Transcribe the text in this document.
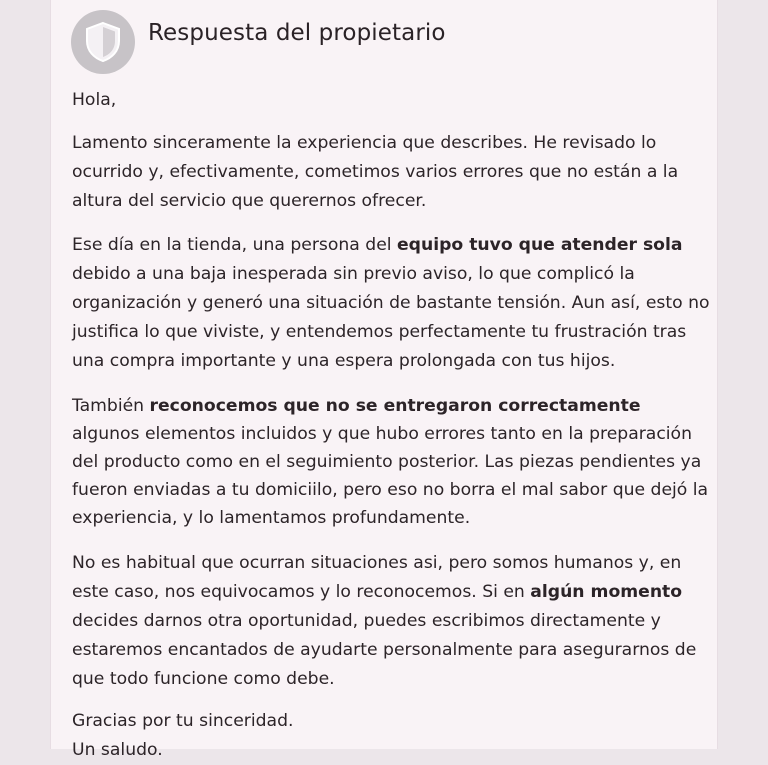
Respuesta del propietario

Hola,

Lamento sinceramente la experiencia que describes. He revisado lo ocurrido y, efectivamente, cometimos varios errores que no están a la altura del servicio que querernos ofrecer.

Ese día en la tienda, una persona del equipo tuvo que atender sola debido a una baja inesperada sin previo aviso, lo que complicó la organización y generó una situación de bastante tensión. Aun así, esto no justifica lo que viviste, y entendemos perfectamente tu frustración tras una compra importante y una espera prolongada con tus hijos.

También reconocemos que no se entregaron correctamente algunos elementos incluidos y que hubo errores tanto en la preparación del producto como en el seguimiento posterior. Las piezas pendientes ya fueron enviadas a tu domiciilo, pero eso no borra el mal sabor que dejó la experiencia, y lo lamentamos profundamente.

No es habitual que ocurran situaciones asi, pero somos humanos y, en este caso, nos equivocamos y lo reconocemos. Si en algún momento decides darnos otra oportunidad, puedes escribimos directamente y estaremos encantados de ayudarte personalmente para asegurarnos de que todo funcione como debe.

Gracias por tu sinceridad.

Un saludo.
